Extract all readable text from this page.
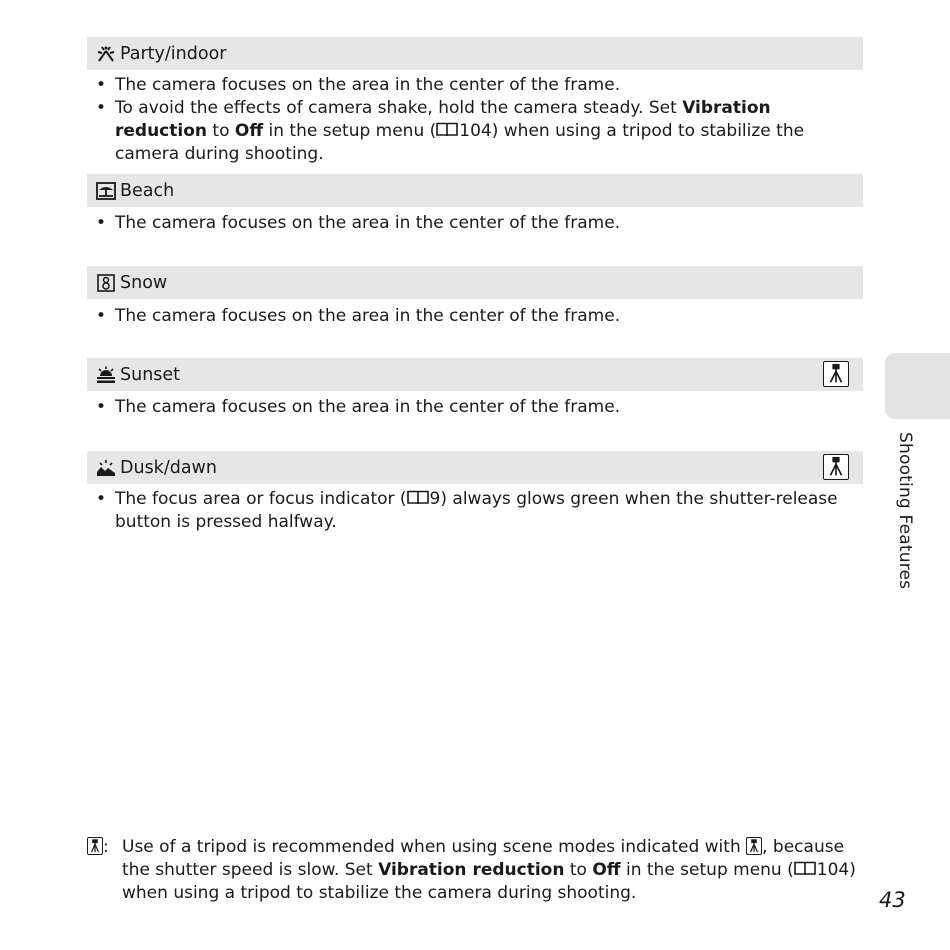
Party/indoor
• The camera focuses on the area in the center of the frame.
• To avoid the effects of camera shake, hold the camera steady. Set Vibration reduction to Off in the setup menu ( 104) when using a tripod to stabilize the camera during shooting.
Beach
• The camera focuses on the area in the center of the frame.
Snow
• The camera focuses on the area in the center of the frame.
Sunset
• The camera focuses on the area in the center of the frame.
Dusk/dawn
• The focus area or focus indicator ( 9) always glows green when the shutter-release button is pressed halfway.	Shooting Features
: Use of a tripod is recommended when using scene modes indicated with
, because the shutter speed is slow. Set Vibration reduction to Off in the setup menu ( 104) when using a tripod to stabilize the camera during shooting.	43
